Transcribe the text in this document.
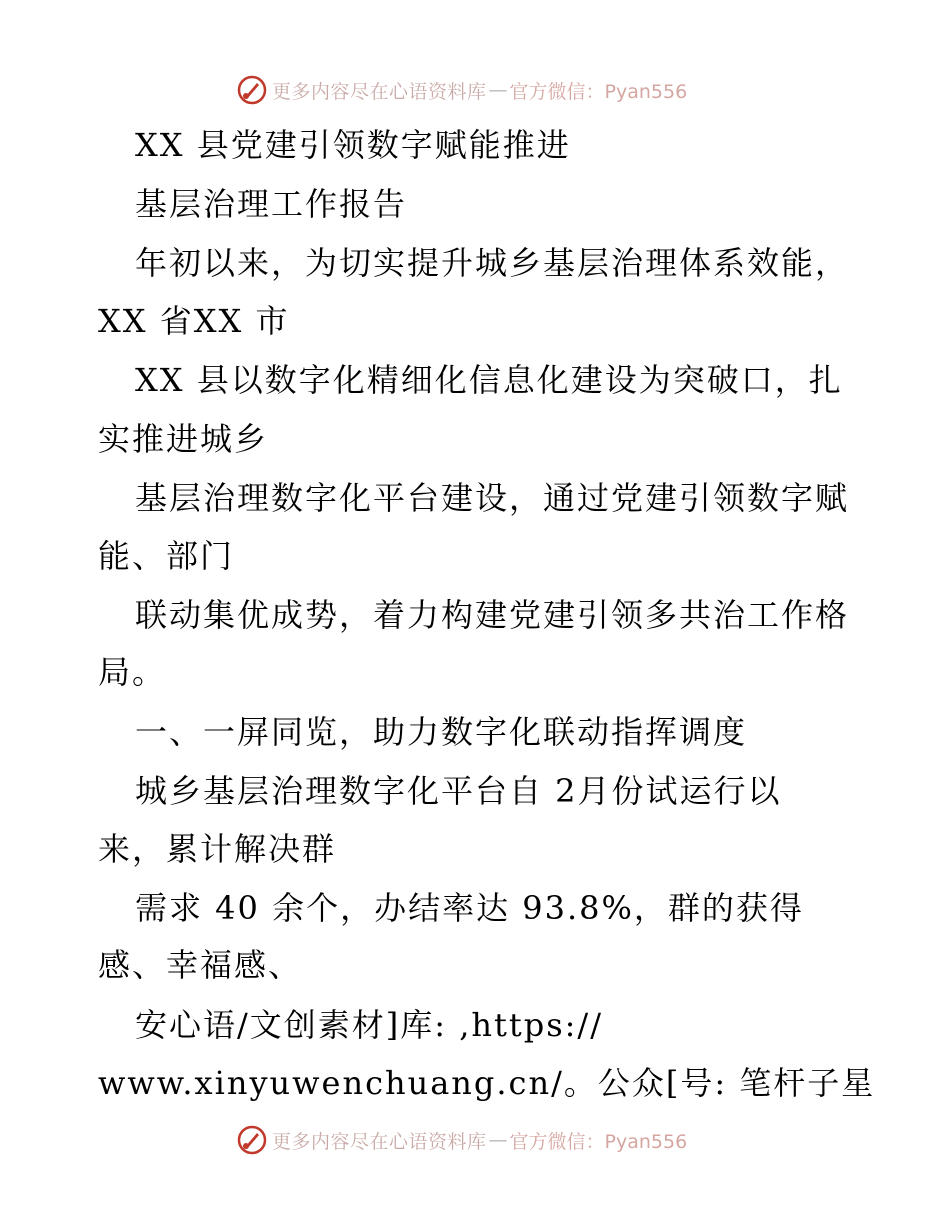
更多内容尽在心语资料库 — 官方微信：Pyan556
XX 县党建引领数字赋能推进
基层治理工作报告
年初以来，为切实提升城乡基层治理体系效能，
XX 省XX 市
XX 县以数字化精细化信息化建设为突破口，扎
实推进城乡
基层治理数字化平台建设，通过党建引领数字赋
能、部门
联动集优成势，着力构建党建引领多共治工作格
局。
一、一屏同览，助力数字化联动指挥调度
城乡基层治理数字化平台自 2月份试运行以
来，累计解决群
需求 40 余个，办结率达 93.8%，群的获得
感、幸福感、
安心语/文创素材]库: ,https://
www.xinyuwenchuang.cn/。公众[号: 笔杆子星
更多内容尽在心语资料库 — 官方微信：Pyan556
